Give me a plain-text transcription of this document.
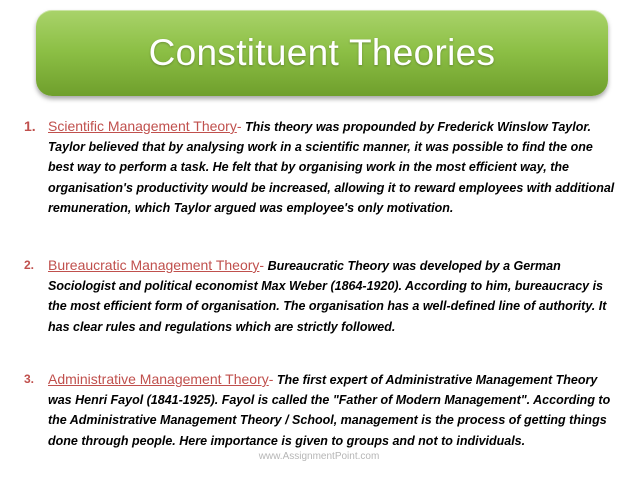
Constituent Theories
1. Scientific Management Theory- This theory was propounded by Frederick Winslow Taylor. Taylor believed that by analysing work in a scientific manner, it was possible to find the one best way to perform a task. He felt that by organising work in the most efficient way, the organisation's productivity would be increased, allowing it to reward employees with additional remuneration, which Taylor argued was employee's only motivation.
2. Bureaucratic Management Theory- Bureaucratic Theory was developed by a German Sociologist and political economist Max Weber (1864-1920). According to him, bureaucracy is the most efficient form of organisation. The organisation has a well-defined line of authority. It has clear rules and regulations which are strictly followed.
3. Administrative Management Theory- The first expert of Administrative Management Theory was Henri Fayol (1841-1925). Fayol is called the "Father of Modern Management". According to the Administrative Management Theory / School, management is the process of getting things done through people. Here importance is given to groups and not to individuals.
www.AssignmentPoint.com
